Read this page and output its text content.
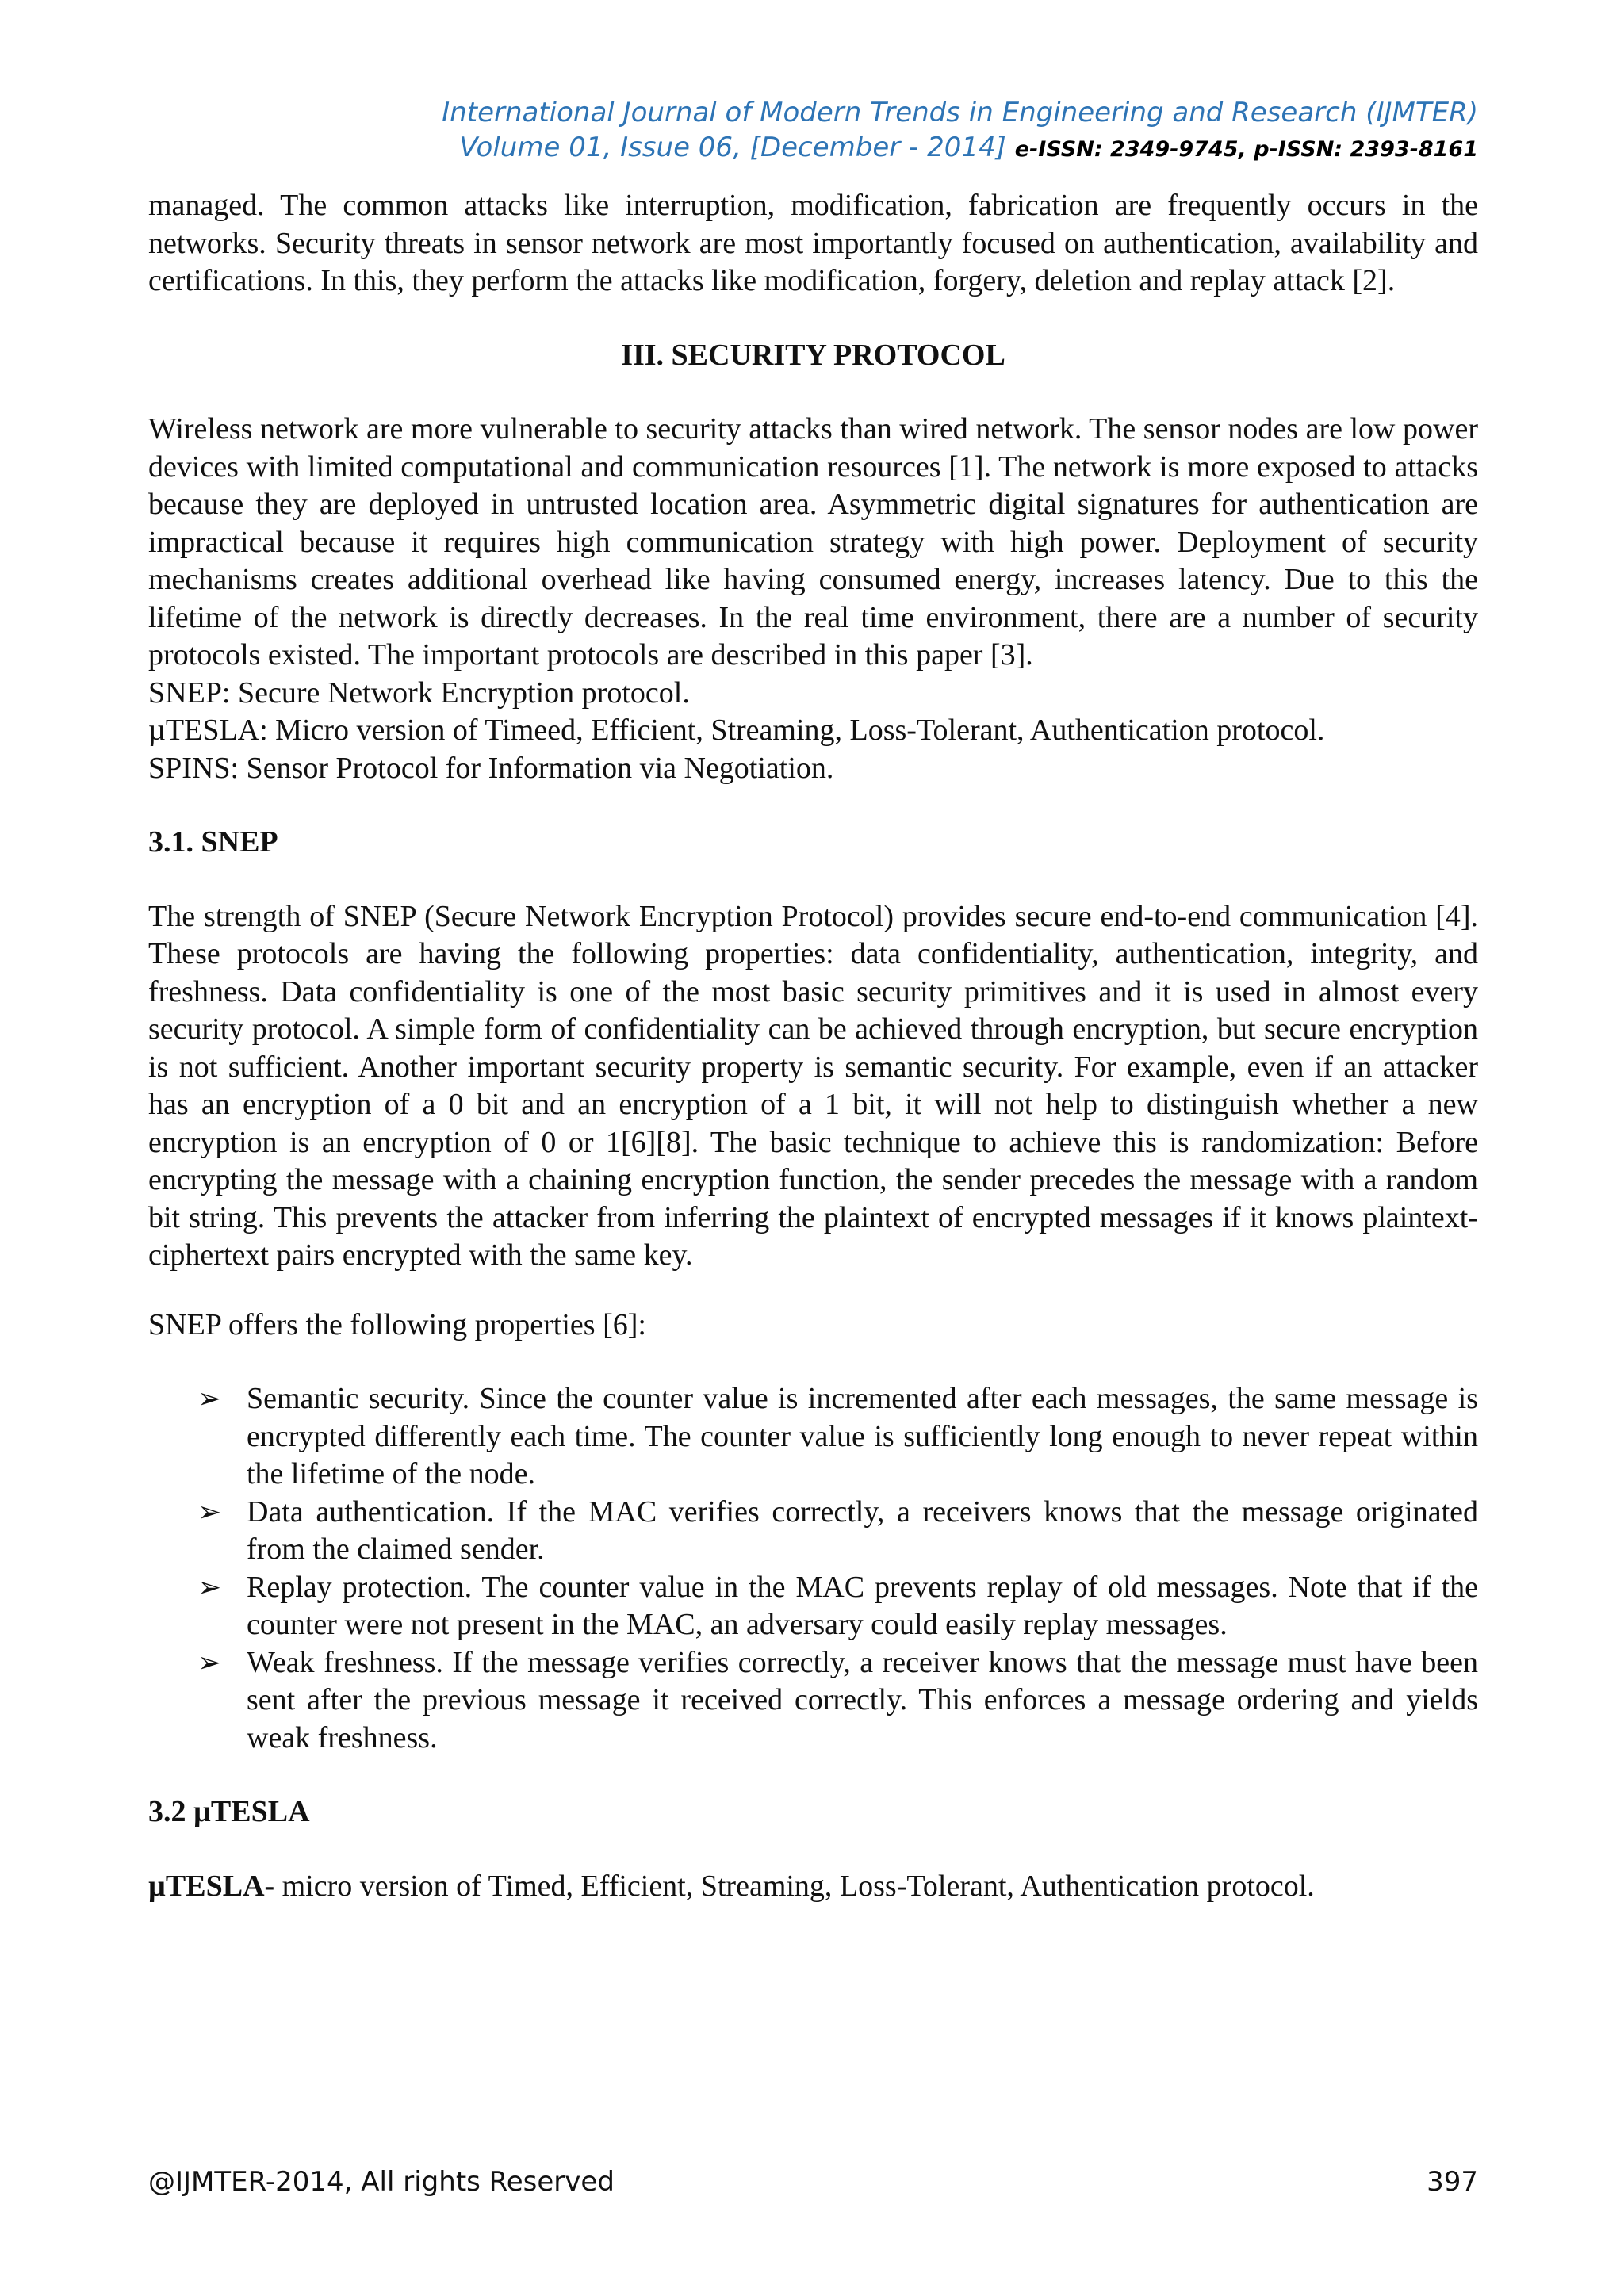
International Journal of Modern Trends in Engineering and Research (IJMTER)
Volume 01, Issue 06, [December - 2014] e-ISSN: 2349-9745, p-ISSN: 2393-8161

managed. The common attacks like interruption, modification, fabrication are frequently occurs in the networks. Security threats in sensor network are most importantly focused on authentication, availability and certifications. In this, they perform the attacks like modification, forgery, deletion and replay attack [2].

III. SECURITY PROTOCOL

Wireless network are more vulnerable to security attacks than wired network. The sensor nodes are low power devices with limited computational and communication resources [1]. The network is more exposed to attacks because they are deployed in untrusted location area. Asymmetric digital signatures for authentication are impractical because it requires high communication strategy with high power. Deployment of security mechanisms creates additional overhead like having consumed energy, increases latency. Due to this the lifetime of the network is directly decreases. In the real time environment, there are a number of security protocols existed. The important protocols are described in this paper [3].

SNEP: Secure Network Encryption protocol.

µTESLA: Micro version of Timeed, Efficient, Streaming, Loss-Tolerant, Authentication protocol.

SPINS: Sensor Protocol for Information via Negotiation.

3.1. SNEP

The strength of SNEP (Secure Network Encryption Protocol) provides secure end-to-end communication [4]. These protocols are having the following properties: data confidentiality, authentication, integrity, and freshness. Data confidentiality is one of the most basic security primitives and it is used in almost every security protocol. A simple form of confidentiality can be achieved through encryption, but secure encryption is not sufficient. Another important security property is semantic security. For example, even if an attacker has an encryption of a 0 bit and an encryption of a 1 bit, it will not help to distinguish whether a new encryption is an encryption of 0 or 1[6][8]. The basic technique to achieve this is randomization: Before encrypting the message with a chaining encryption function, the sender precedes the message with a random bit string. This prevents the attacker from inferring the plaintext of encrypted messages if it knows plaintext-ciphertext pairs encrypted with the same key.

SNEP offers the following properties [6]:

➢ Semantic security. Since the counter value is incremented after each messages, the same message is encrypted differently each time. The counter value is sufficiently long enough to never repeat within the lifetime of the node.
➢ Data authentication. If the MAC verifies correctly, a receivers knows that the message originated from the claimed sender.
➢ Replay protection. The counter value in the MAC prevents replay of old messages. Note that if the counter were not present in the MAC, an adversary could easily replay messages.
➢ Weak freshness. If the message verifies correctly, a receiver knows that the message must have been sent after the previous message it received correctly. This enforces a message ordering and yields weak freshness.

3.2 µTESLA

µTESLA- micro version of Timed, Efficient, Streaming, Loss-Tolerant, Authentication protocol.

@IJMTER-2014, All rights Reserved	397
